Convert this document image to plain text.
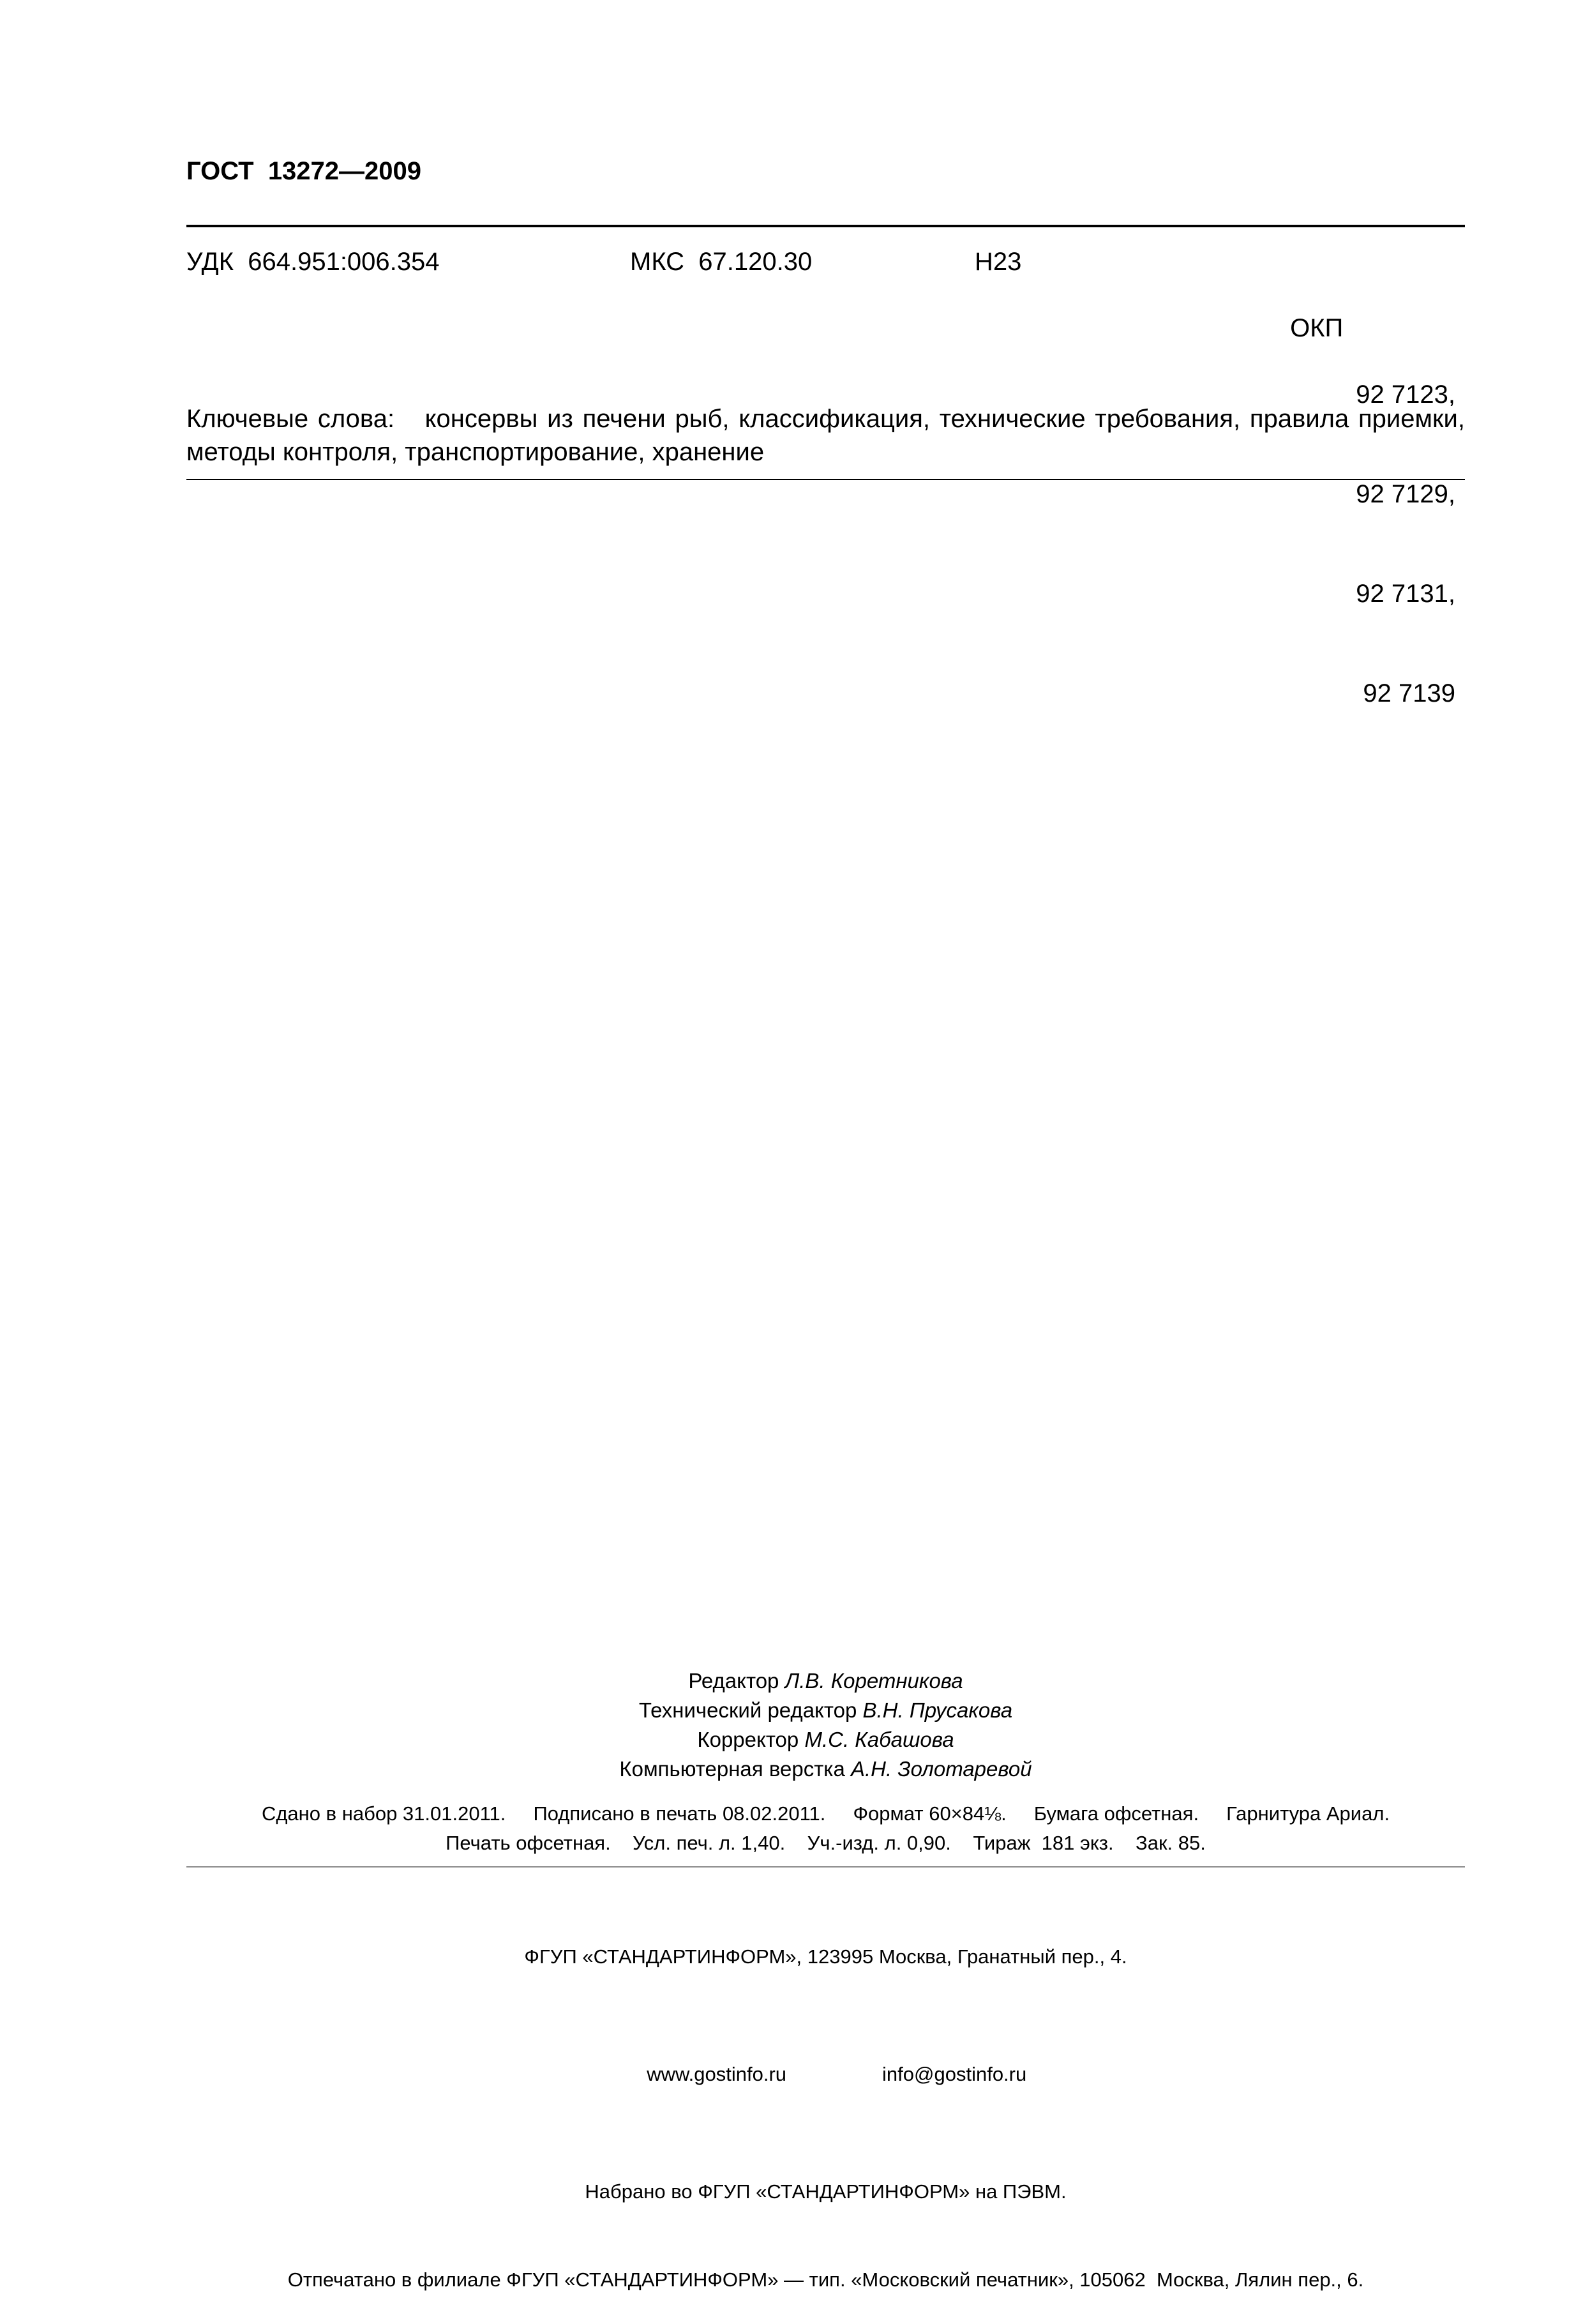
ГОСТ  13272—2009
УДК  664.951:006.354	МКС  67.120.30	Н23

ОКП

92 7123,

92 7129,

92 7131,

92 7139

Ключевые слова: консервы из печени рыб, классификация, технические требования, правила приемки, методы контроля, транспортирование, хранение
Редактор Л.В. Коретникова
Технический редактор В.Н. Прусакова
Корректор М.С. Кабашова
Компьютерная верстка А.Н. Золотаревой
Сдано в набор 31.01.2011.     Подписано в печать 08.02.2011.     Формат 60×84⅛.     Бумага офсетная.     Гарнитура Ариал.
Печать офсетная.    Усл. печ. л. 1,40.    Уч.-изд. л. 0,90.    Тираж  181 экз.    Зак. 85.

ФГУП «СТАНДАРТИНФОРМ», 123995 Москва, Гранатный пер., 4.

www.gostinfo.ru	info@gostinfo.ru

Набрано во ФГУП «СТАНДАРТИНФОРМ» на ПЭВМ.

Отпечатано в филиале ФГУП «СТАНДАРТИНФОРМ» — тип. «Московский печатник», 105062  Москва, Лялин пер., 6.
